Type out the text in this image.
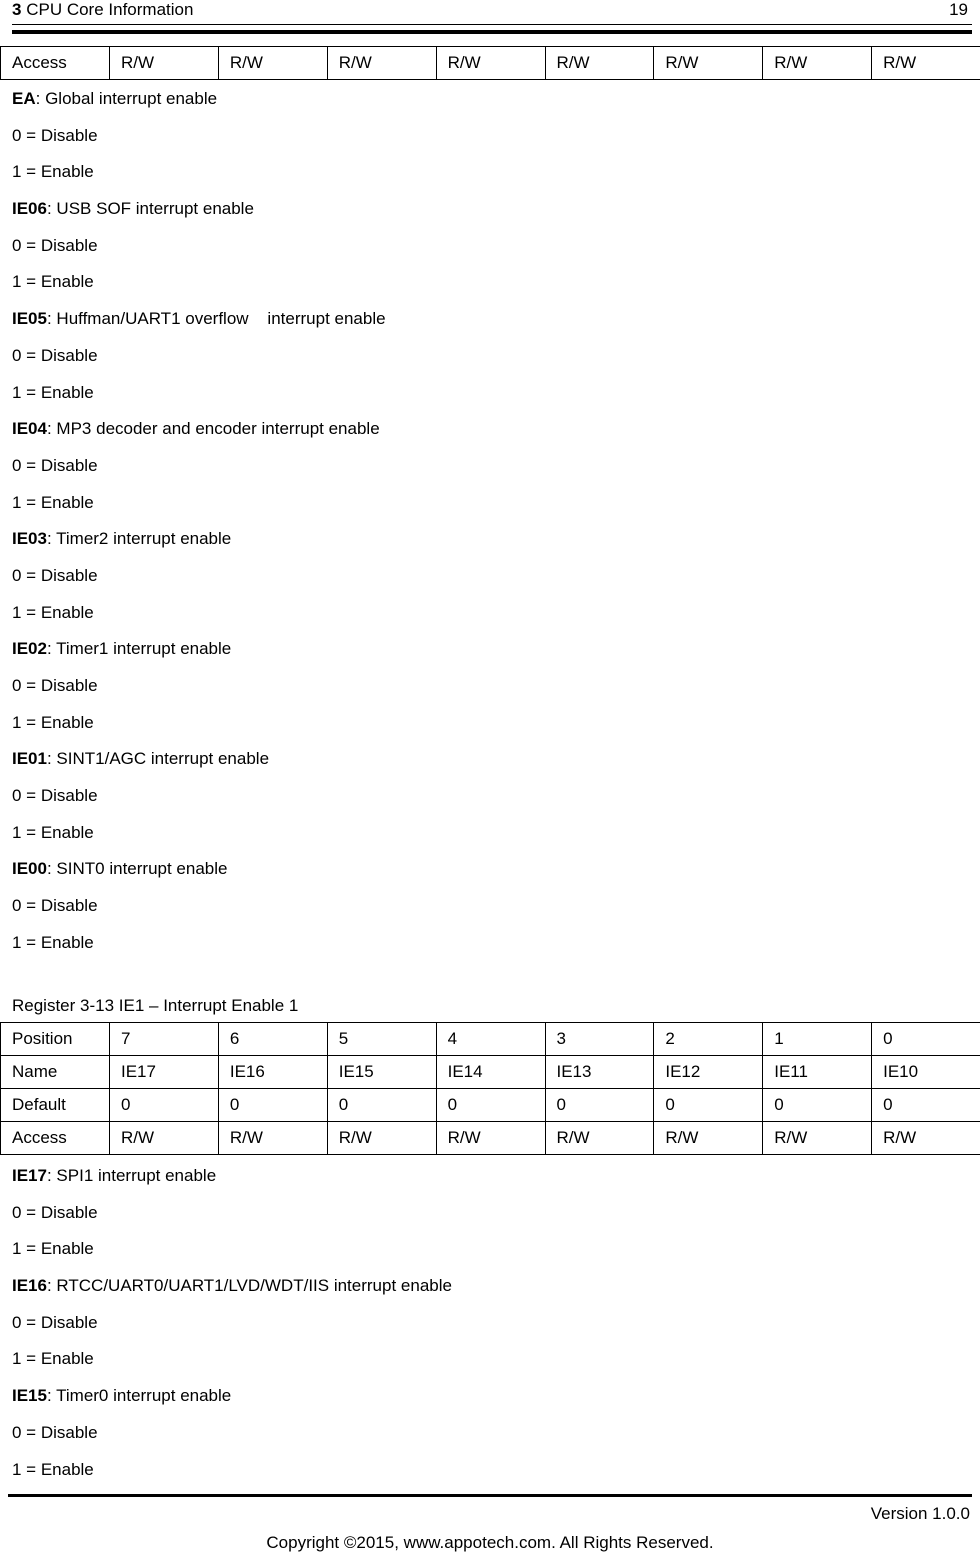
3 CPU Core Information	19
Access	R/W	R/W	R/W	R/W	R/W	R/W	R/W	R/W
EA: Global interrupt enable
0 = Disable
1 = Enable
IE06: USB SOF interrupt enable
0 = Disable
1 = Enable
IE05: Huffman/UART1 overflow    interrupt enable
0 = Disable
1 = Enable
IE04: MP3 decoder and encoder interrupt enable
0 = Disable
1 = Enable
IE03: Timer2 interrupt enable
0 = Disable
1 = Enable
IE02: Timer1 interrupt enable
0 = Disable
1 = Enable
IE01: SINT1/AGC interrupt enable
0 = Disable
1 = Enable
IE00: SINT0 interrupt enable
0 = Disable
1 = Enable
Register 3-13 IE1 – Interrupt Enable 1
Position	7	6	5	4	3	2	1	0
Name	IE17	IE16	IE15	IE14	IE13	IE12	IE11	IE10
Default	0	0	0	0	0	0	0	0
Access	R/W	R/W	R/W	R/W	R/W	R/W	R/W	R/W
IE17: SPI1 interrupt enable
0 = Disable
1 = Enable
IE16: RTCC/UART0/UART1/LVD/WDT/IIS interrupt enable
0 = Disable
1 = Enable
IE15: Timer0 interrupt enable
0 = Disable
1 = Enable
Version 1.0.0
Copyright ©2015, www.appotech.com. All Rights Reserved.
